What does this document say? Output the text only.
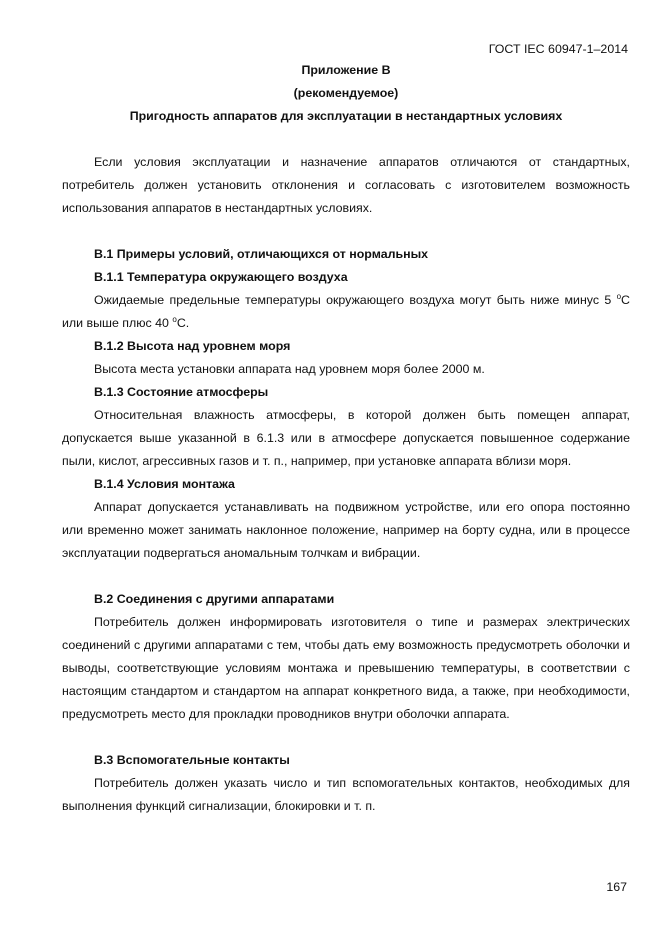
ГОСТ IEC 60947-1–2014
Приложение В
(рекомендуемое)
Пригодность аппаратов для эксплуатации в нестандартных условиях

Если условия эксплуатации и назначение аппаратов отличаются от стандартных, потребитель должен установить отклонения и согласовать с изготовителем возможность использования аппаратов в нестандартных условиях.

В.1 Примеры условий, отличающихся от нормальных
В.1.1 Температура окружающего воздуха

Ожидаемые предельные температуры окружающего воздуха могут быть ниже минус 5 $^o$С или выше плюс 40 $^o$С.

В.1.2 Высота над уровнем моря

Высота места установки аппарата над уровнем моря более 2000 м.

В.1.3 Состояние атмосферы

Относительная влажность атмосферы, в которой должен быть помещен аппарат, допускается выше указанной в 6.1.3 или в атмосфере допускается повышенное содержание пыли, кислот, агрессивных газов и т. п., например, при установке аппарата вблизи моря.

В.1.4 Условия монтажа

Аппарат допускается устанавливать на подвижном устройстве, или его опора постоянно или временно может занимать наклонное положение, например на борту судна, или в процессе эксплуатации подвергаться аномальным толчкам и вибрации.

В.2 Соединения с другими аппаратами

Потребитель должен информировать изготовителя о типе и размерах электрических соединений с другими аппаратами с тем, чтобы дать ему возможность предусмотреть оболочки и выводы, соответствующие условиям монтажа и превышению температуры, в соответствии с настоящим стандартом и стандартом на аппарат конкретного вида, а также, при необходимости, предусмотреть место для прокладки проводников внутри оболочки аппарата.

В.3 Вспомогательные контакты

Потребитель должен указать число и тип вспомогательных контактов, необходимых для выполнения функций сигнализации, блокировки и т. п.

167
